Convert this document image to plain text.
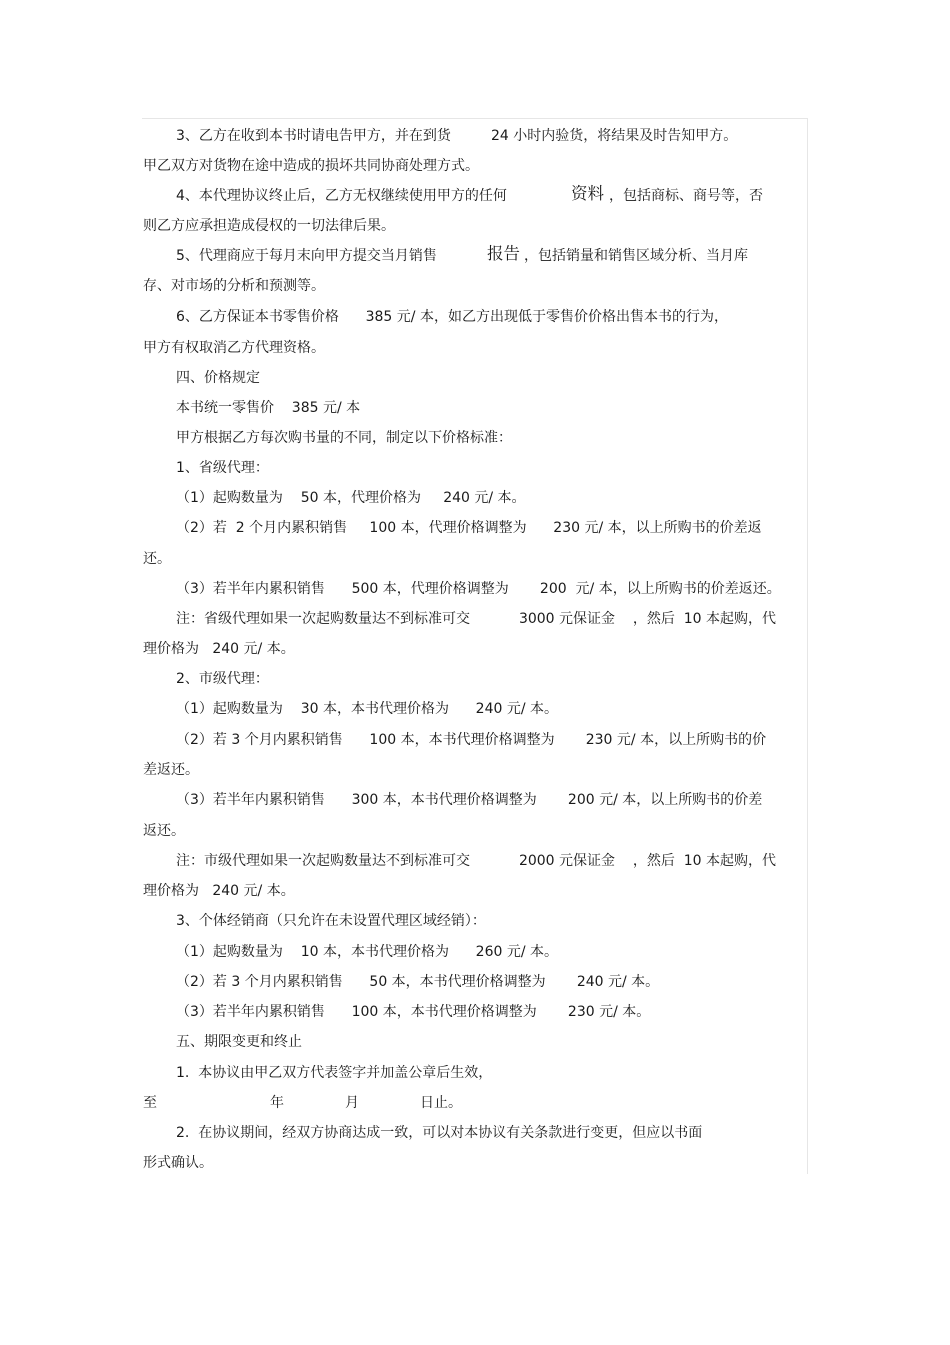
3、乙方在收到本书时请电告甲方，并在到货         24 小时内验货，将结果及时告知甲方。
甲乙双方对货物在途中造成的损坏共同协商处理方式。
4、本代理协议终止后，乙方无权继续使用甲方的任何	资料 ，包括商标、商号等，否
则乙方应承担造成侵权的一切法律后果。
5、代理商应于每月末向甲方提交当月销售	报告 ，包括销量和销售区域分析、当月库
存、对市场的分析和预测等。
6、乙方保证本书零售价格      385 元/ 本，如乙方出现低于零售价价格出售本书的行为，
甲方有权取消乙方代理资格。
四、价格规定
本书统一零售价    385 元/ 本
甲方根据乙方每次购书量的不同，制定以下价格标准：
1、省级代理：
（1）起购数量为    50 本，代理价格为     240 元/ 本。
（2）若  2 个月内累积销售     100 本，代理价格调整为      230 元/ 本，以上所购书的价差返
还。
（3）若半年内累积销售      500 本，代理价格调整为       200  元/ 本，以上所购书的价差返还。
注：省级代理如果一次起购数量达不到标准可交           3000 元保证金    ，然后  10 本起购，代
理价格为   240 元/ 本。
2、市级代理：
（1）起购数量为    30 本，本书代理价格为      240 元/ 本。
（2）若 3 个月内累积销售      100 本，本书代理价格调整为       230 元/ 本，以上所购书的价
差返还。
（3）若半年内累积销售      300 本，本书代理价格调整为       200 元/ 本，以上所购书的价差
返还。
注：市级代理如果一次起购数量达不到标准可交           2000 元保证金    ，然后  10 本起购，代
理价格为   240 元/ 本。
3、个体经销商（只允许在未设置代理区域经销）：
（1）起购数量为    10 本，本书代理价格为      260 元/ 本。
（2）若 3 个月内累积销售      50 本，本书代理价格调整为       240 元/ 本。
（3）若半年内累积销售      100 本，本书代理价格调整为       230 元/ 本。
五、期限变更和终止
1.  本协议由甲乙双方代表签字并加盖公章后生效，
至	年	月	日止。
2.  在协议期间，经双方协商达成一致，可以对本协议有关条款进行变更，但应以书面
形式确认。
